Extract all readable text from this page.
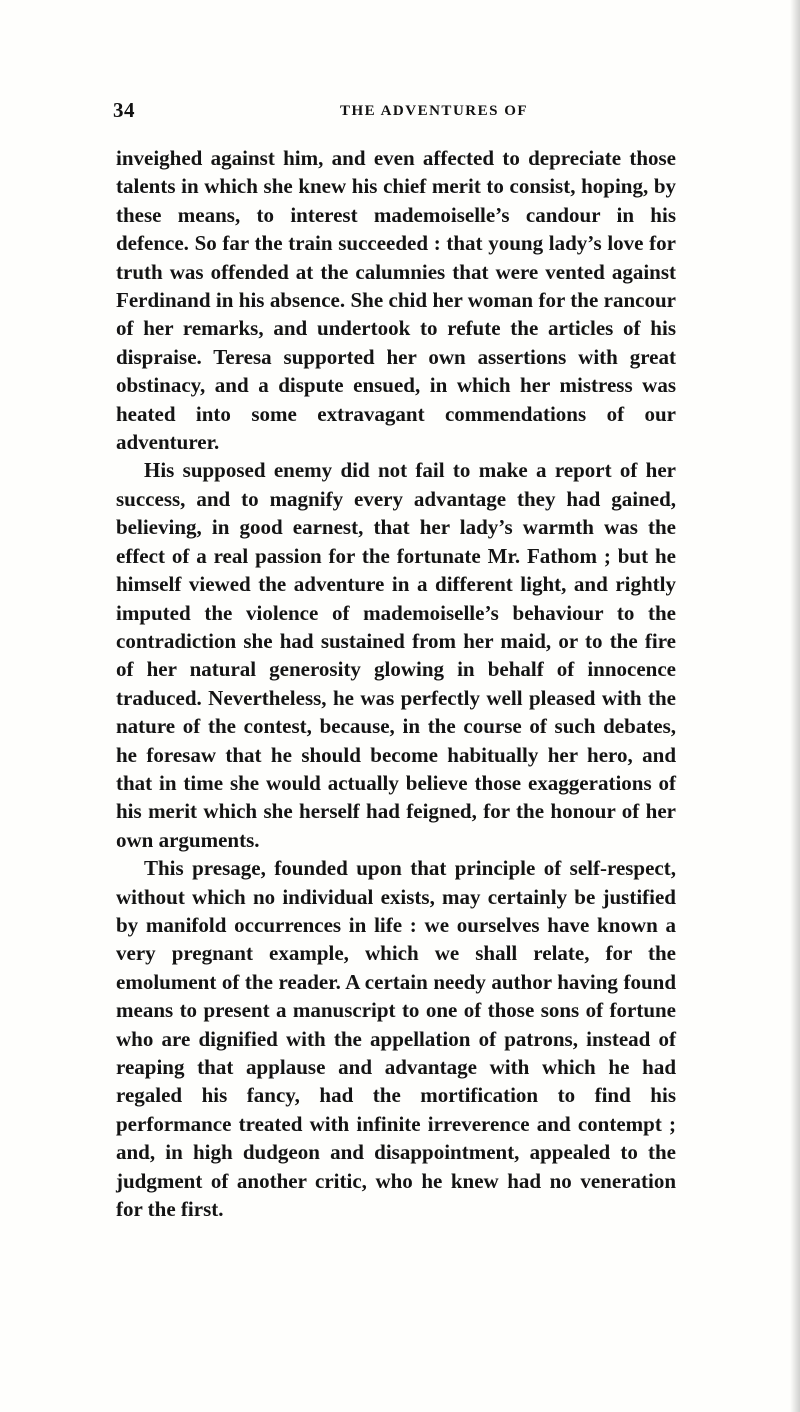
34	THE ADVENTURES OF

inveighed against him, and even affected to depreciate those talents in which she knew his chief merit to consist, hoping, by these means, to interest mademoiselle’s candour in his defence. So far the train succeeded : that young lady’s love for truth was offended at the calumnies that were vented against Ferdinand in his absence. She chid her woman for the rancour of her remarks, and undertook to refute the articles of his dispraise. Teresa supported her own assertions with great obstinacy, and a dispute ensued, in which her mistress was heated into some extravagant commendations of our adventurer.

His supposed enemy did not fail to make a report of her success, and to magnify every advantage they had gained, believing, in good earnest, that her lady’s warmth was the effect of a real passion for the fortunate Mr. Fathom ; but he himself viewed the adventure in a different light, and rightly imputed the violence of mademoiselle’s behaviour to the contradiction she had sustained from her maid, or to the fire of her natural generosity glowing in behalf of innocence traduced. Nevertheless, he was perfectly well pleased with the nature of the contest, because, in the course of such debates, he foresaw that he should become habitually her hero, and that in time she would actually believe those exaggerations of his merit which she herself had feigned, for the honour of her own arguments.

This presage, founded upon that principle of self-respect, without which no individual exists, may certainly be justified by manifold occurrences in life : we ourselves have known a very pregnant example, which we shall relate, for the emolument of the reader. A certain needy author having found means to present a manuscript to one of those sons of fortune who are dignified with the appellation of patrons, instead of reaping that applause and advantage with which he had regaled his fancy, had the mortification to find his performance treated with infinite irreverence and contempt ; and, in high dudgeon and disappointment, appealed to the judgment of another critic, who he knew had no veneration for the first.
